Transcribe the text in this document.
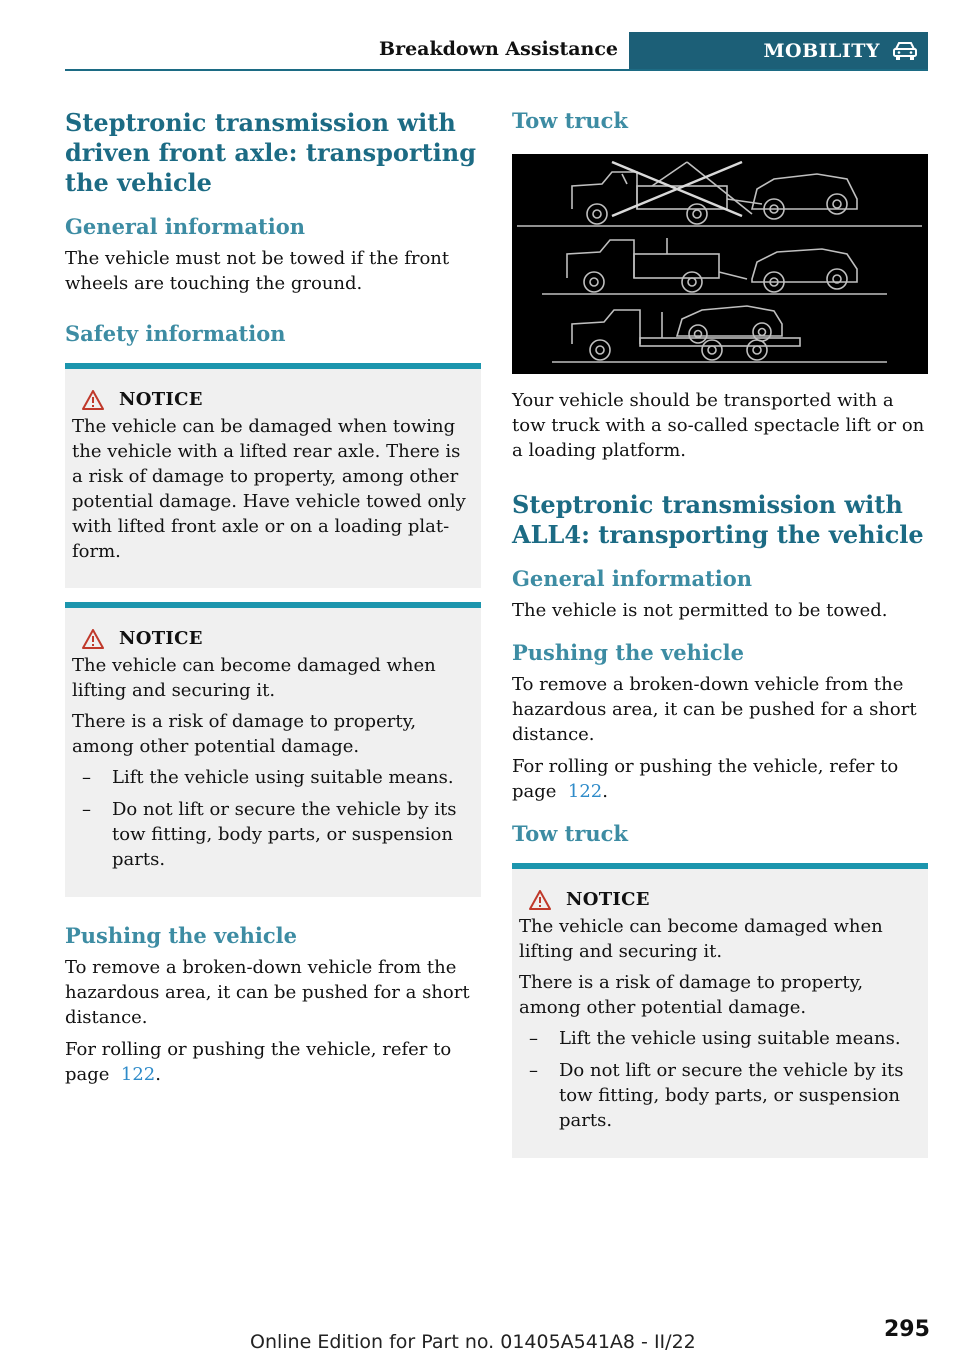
Breakdown Assistance	MOBILITY
Steptronic transmission with driven front axle: transporting the vehicle
General information

The vehicle must not be towed if the front wheels are touching the ground.

Safety information
NOTICE

The vehicle can be damaged when towing the vehicle with a lifted rear axle. There is a risk of damage to property, among other potential damage. Have vehicle towed only with lifted front axle or on a loading plat-form.

NOTICE

The vehicle can become damaged when lifting and securing it.

There is a risk of damage to property, among other potential damage.

–	Lift the vehicle using suitable means.
–	Do not lift or secure the vehicle by its tow fitting, body parts, or suspension parts.
Pushing the vehicle

To remove a broken-down vehicle from the hazardous area, it can be pushed for a short distance.

For rolling or pushing the vehicle, refer to page 122.

Tow truck

Your vehicle should be transported with a tow truck with a so-called spectacle lift or on a loading platform.

Steptronic transmission with ALL4: transporting the vehicle
General information

The vehicle is not permitted to be towed.

Pushing the vehicle

To remove a broken-down vehicle from the hazardous area, it can be pushed for a short distance.

For rolling or pushing the vehicle, refer to page 122.

Tow truck
NOTICE

The vehicle can become damaged when lifting and securing it.

There is a risk of damage to property, among other potential damage.

–	Lift the vehicle using suitable means.
–	Do not lift or secure the vehicle by its tow fitting, body parts, or suspension parts.
295
Online Edition for Part no. 01405A541A8 - II/22
